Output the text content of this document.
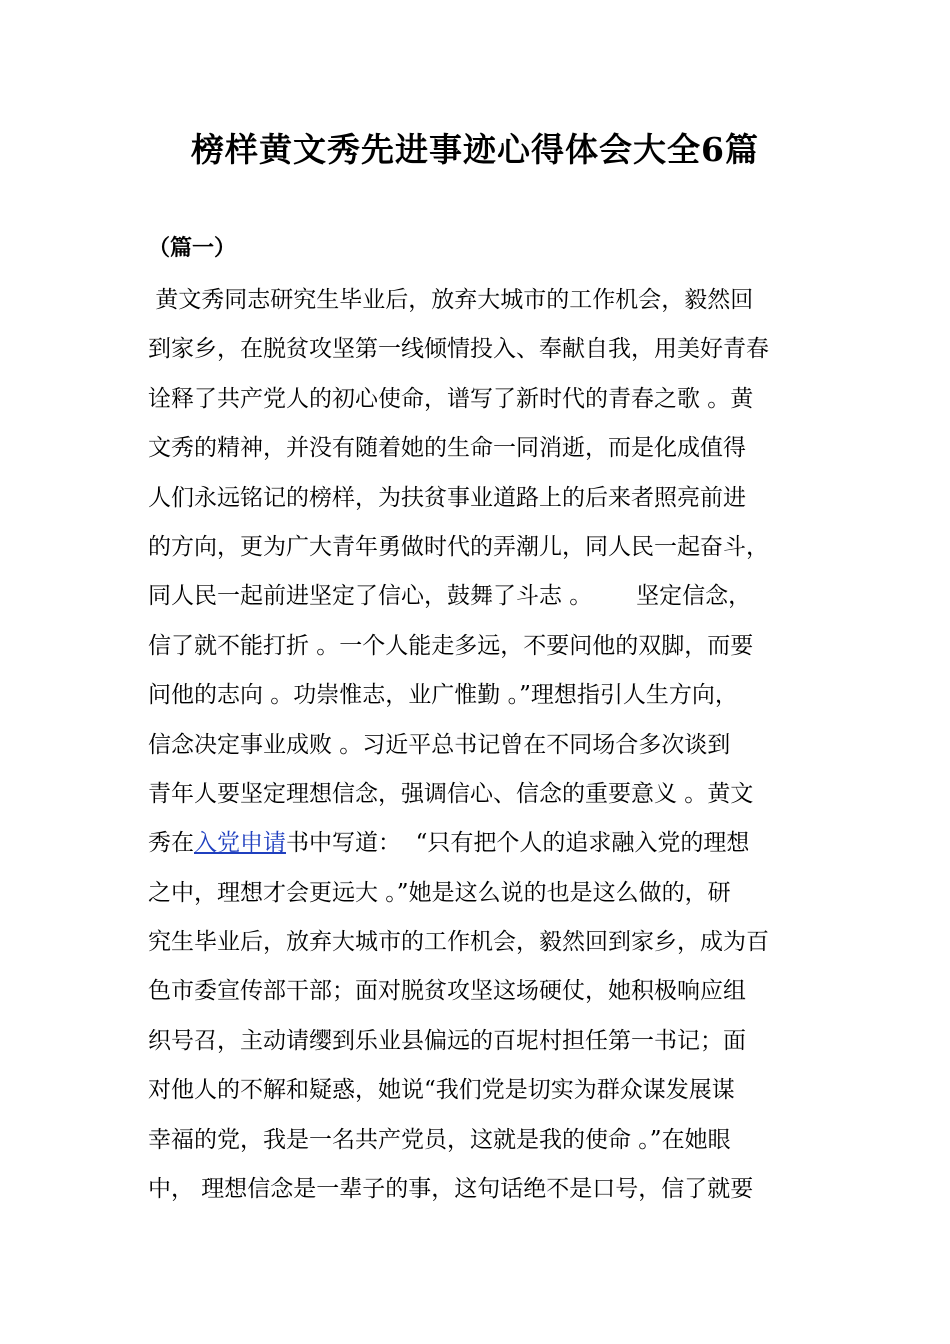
榜样黄文秀先进事迹心得体会大全6篇
（篇一）
黄文秀同志研究生毕业后，放弃大城市的工作机会，毅然回
到家乡，在脱贫攻坚第一线倾情投入、奉献自我，用美好青春
诠释了共产党人的初心使命，谱写了新时代的青春之歌 。黄
文秀的精神，并没有随着她的生命一同消逝，而是化成值得
人们永远铭记的榜样，为扶贫事业道路上的后来者照亮前进
的方向，更为广大青年勇做时代的弄潮儿，同人民一起奋斗，
同人民一起前进坚定了信心，鼓舞了斗志 。      坚定信念，
信了就不能打折 。一个人能走多远，不要问他的双脚，而要
问他的志向 。功崇惟志，业广惟勤 。”理想指引人生方向，
信念决定事业成败 。习近平总书记曾在不同场合多次谈到
青年人要坚定理想信念，强调信心、信念的重要意义 。黄文
秀在 入党申请 书中写道：  “只有把个人的追求融入党的理想
之中，理想才会更远大 。”她是这么说的也是这么做的，研
究生毕业后，放弃大城市的工作机会，毅然回到家乡，成为百
色市委宣传部干部；面对脱贫攻坚这场硬仗，她积极响应组
织号召，主动请缨到乐业县偏远的百坭村担任第一书记；面
对他人的不解和疑惑，她说“我们党是切实为群众谋发展谋
幸福的党，我是一名共产党员，这就是我的使命 。”在她眼
中， 理想信念是一辈子的事，这句话绝不是口号，信了就要
